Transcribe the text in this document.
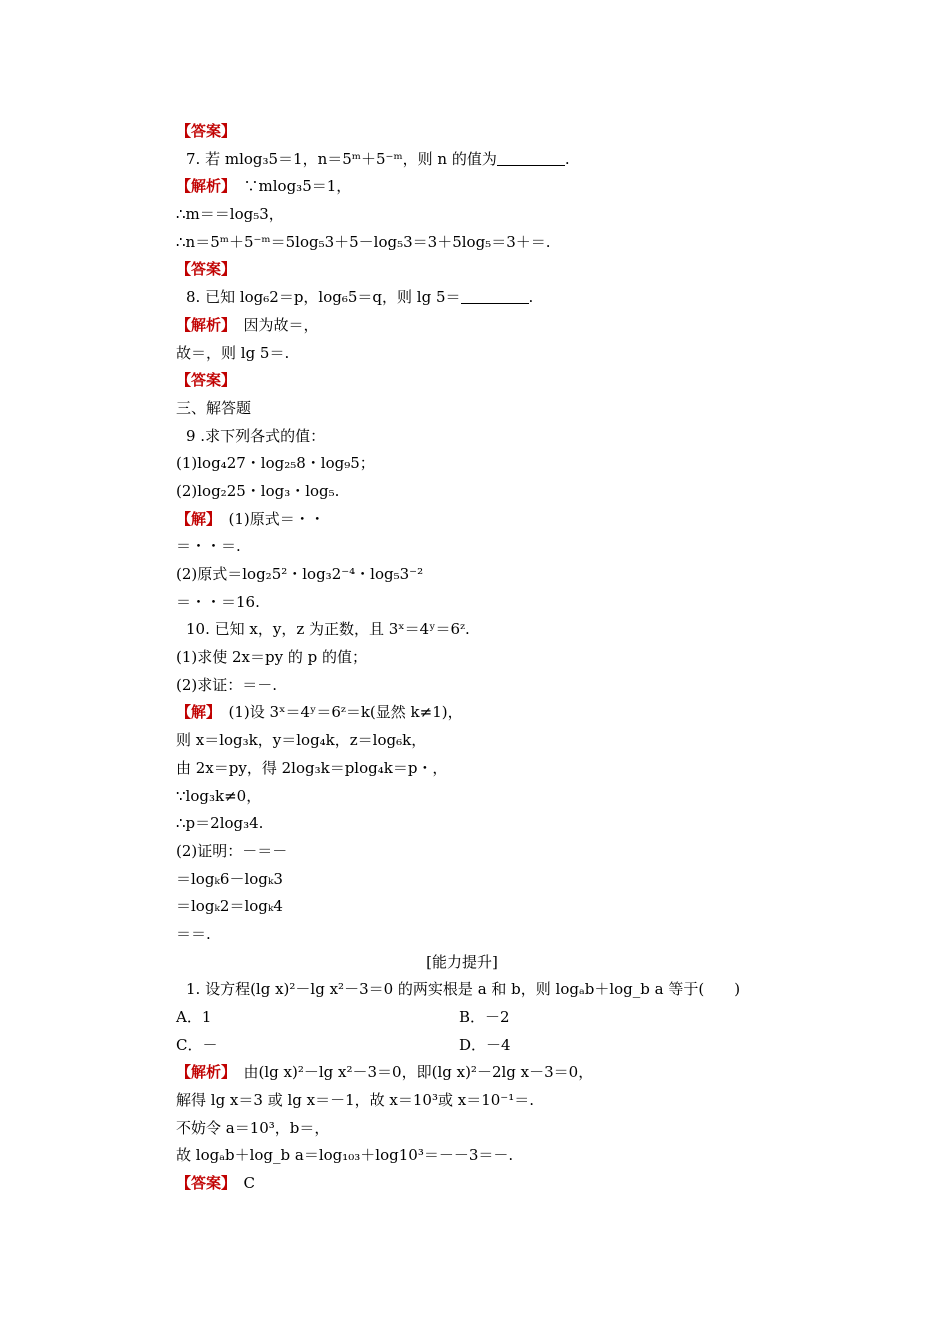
【答案】
7. 若 mlog₃5＝1，n＝5ᵐ＋5⁻ᵐ，则 n 的值为	.
【解析】　 ∵mlog₃5＝1，
∴m＝＝log₅3，
∴n＝5ᵐ＋5⁻ᵐ＝5log₅3＋5－log₅3＝3＋5log₅＝3＋＝.
【答案】
8. 已知 log₆2＝p，log₆5＝q，则 lg 5＝	.
【解析】　 因为故＝，
故＝，则 lg 5＝.
【答案】
三、解答题
9 .求下列各式的值：
(1)log₄27・log₂₅8・log₉5；
(2)log₂25・log₃・log₅.
【解】　 (1)原式＝・・
＝・・＝.
(2)原式＝log₂5²・log₃2⁻⁴・log₅3⁻²
＝・・＝16.
10. 已知 x，y，z 为正数，且 3ˣ＝4ʸ＝6ᶻ.
(1)求使 2x＝py 的 p 的值；
(2)求证：＝－.
【解】　 (1)设 3ˣ＝4ʸ＝6ᶻ＝k(显然 k≠1)，
则 x＝log₃k，y＝log₄k，z＝log₆k，
由 2x＝py，得 2log₃k＝plog₄k＝p・，
∵log₃k≠0，
∴p＝2log₃4.
(2)证明：－＝－
＝logₖ6－logₖ3
＝logₖ2＝logₖ4
＝＝.
[能力提升]
1. 设方程(lg x)²－lg x²－3＝0 的两实根是 a 和 b，则 logₐb＋log_b a 等于(　　)
A．1	B．－2
C．－	D．－4
【解析】　 由(lg x)²－lg x²－3＝0，即(lg x)²－2lg x－3＝0，
解得 lg x＝3 或 lg x＝－1，故 x＝10³或 x＝10⁻¹＝.
不妨令 a＝10³，b＝，
故 logₐb＋log_b a＝log₁₀₃＋log10³＝－－3＝－.
【答案】　 C
